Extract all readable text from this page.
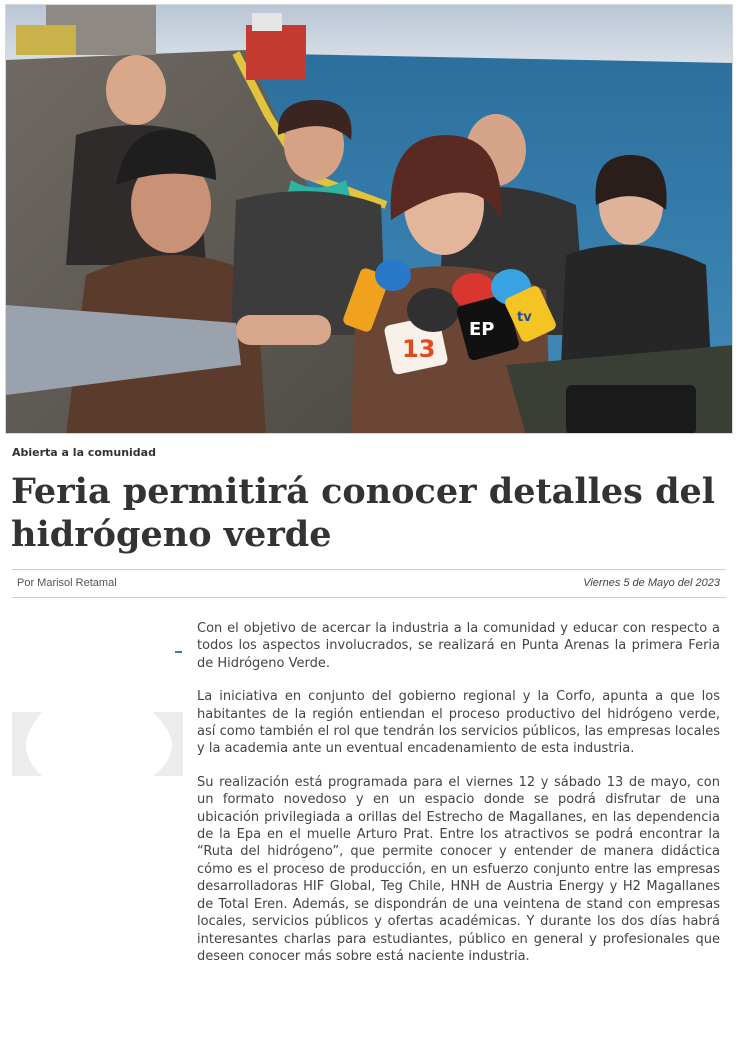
13
EP
tv
Abierta a la comunidad
Feria permitirá conocer detalles del hidrógeno verde
Por Marisol Retamal	Viernes 5 de Mayo del 2023

Con el objetivo de acercar la industria a la comunidad y educar con respecto a todos los aspectos involucrados, se realizará en Punta Arenas la primera Feria de Hidrógeno Verde.

La iniciativa en conjunto del gobierno regional y la Corfo, apunta a que los habitantes de la región entiendan el proceso productivo del hidrógeno verde, así como también el rol que tendrán los servicios públicos, las empresas locales y la academia ante un eventual encadenamiento de esta industria.

Su realización está programada para el viernes 12 y sábado 13 de mayo, con un formato novedoso y en un espacio donde se podrá disfrutar de una ubicación privilegiada a orillas del Estrecho de Magallanes, en las dependencia de la Epa en el muelle Arturo Prat. Entre los atractivos se podrá encontrar la “Ruta del hidrógeno”, que permite conocer y entender de manera didáctica cómo es el proceso de producción, en un esfuerzo conjunto entre las empresas desarrolladoras HIF Global, Teg Chile, HNH de Austria Energy y H2 Magallanes de Total Eren. Además, se dispondrán de una veintena de stand con empresas locales, servicios públicos y ofertas académicas. Y durante los dos días habrá interesantes charlas para estudiantes, público en general y profesionales que deseen conocer más sobre está naciente industria.
